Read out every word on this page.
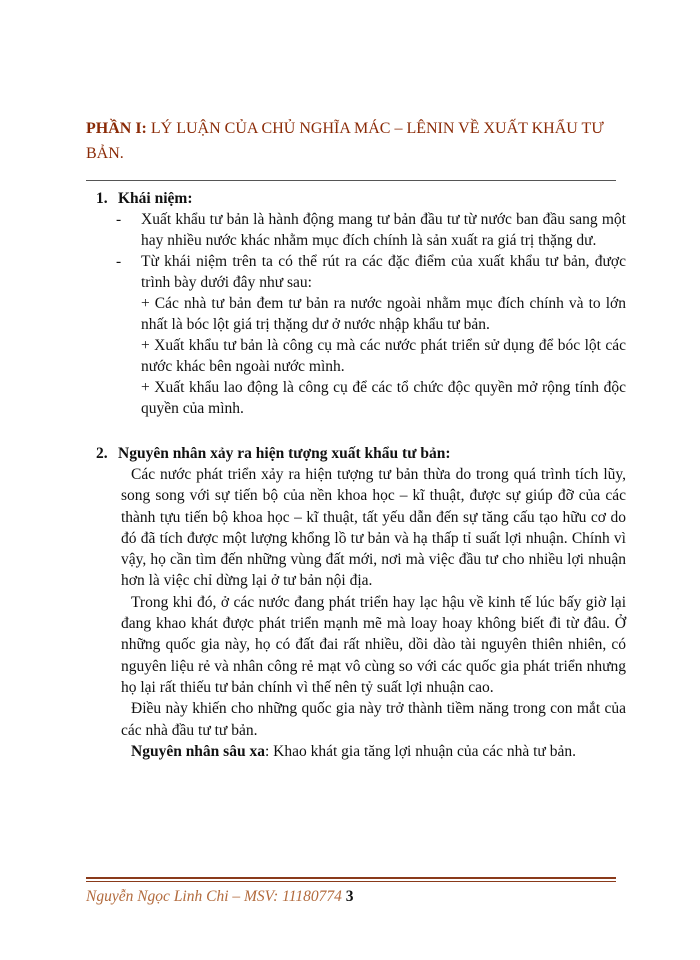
PHẦN I: LÝ LUẬN CỦA CHỦ NGHĨA MÁC – LÊNIN VỀ XUẤT KHẨU TƯ BẢN.

1. Khái niệm:

- Xuất khẩu tư bản là hành động mang tư bản đầu tư từ nước ban đầu sang một hay nhiều nước khác nhằm mục đích chính là sản xuất ra giá trị thặng dư.
- Từ khái niệm trên ta có thể rút ra các đặc điểm của xuất khẩu tư bản, được trình bày dưới đây như sau:
+ Các nhà tư bản đem tư bản ra nước ngoài nhằm mục đích chính và to lớn nhất là bóc lột giá trị thặng dư ở nước nhập khẩu tư bản.
+ Xuất khẩu tư bản là công cụ mà các nước phát triển sử dụng để bóc lột các nước khác bên ngoài nước mình.
+ Xuất khẩu lao động là công cụ để các tổ chức độc quyền mở rộng tính độc quyền của mình.

2. Nguyên nhân xảy ra hiện tượng xuất khẩu tư bản:

Các nước phát triển xảy ra hiện tượng tư bản thừa do trong quá trình tích lũy, song song với sự tiến bộ của nền khoa học – kĩ thuật, được sự giúp đỡ của các thành tựu tiến bộ khoa học – kĩ thuật, tất yếu dẫn đến sự tăng cấu tạo hữu cơ do đó đã tích được một lượng khổng lồ tư bản và hạ thấp tỉ suất lợi nhuận. Chính vì vậy, họ cần tìm đến những vùng đất mới, nơi mà việc đầu tư cho nhiều lợi nhuận hơn là việc chỉ dừng lại ở tư bản nội địa.

Trong khi đó, ở các nước đang phát triển hay lạc hậu về kinh tế lúc bấy giờ lại đang khao khát được phát triển mạnh mẽ mà loay hoay không biết đi từ đâu. Ở những quốc gia này, họ có đất đai rất nhiều, dồi dào tài nguyên thiên nhiên, có nguyên liệu rẻ và nhân công rẻ mạt vô cùng so với các quốc gia phát triển nhưng họ lại rất thiếu tư bản chính vì thế nên tỷ suất lợi nhuận cao.

Điều này khiến cho những quốc gia này trở thành tiềm năng trong con mắt của các nhà đầu tư tư bản.

Nguyên nhân sâu xa: Khao khát gia tăng lợi nhuận của các nhà tư bản.

Nguyễn Ngọc Linh Chi – MSV: 11180774 3
